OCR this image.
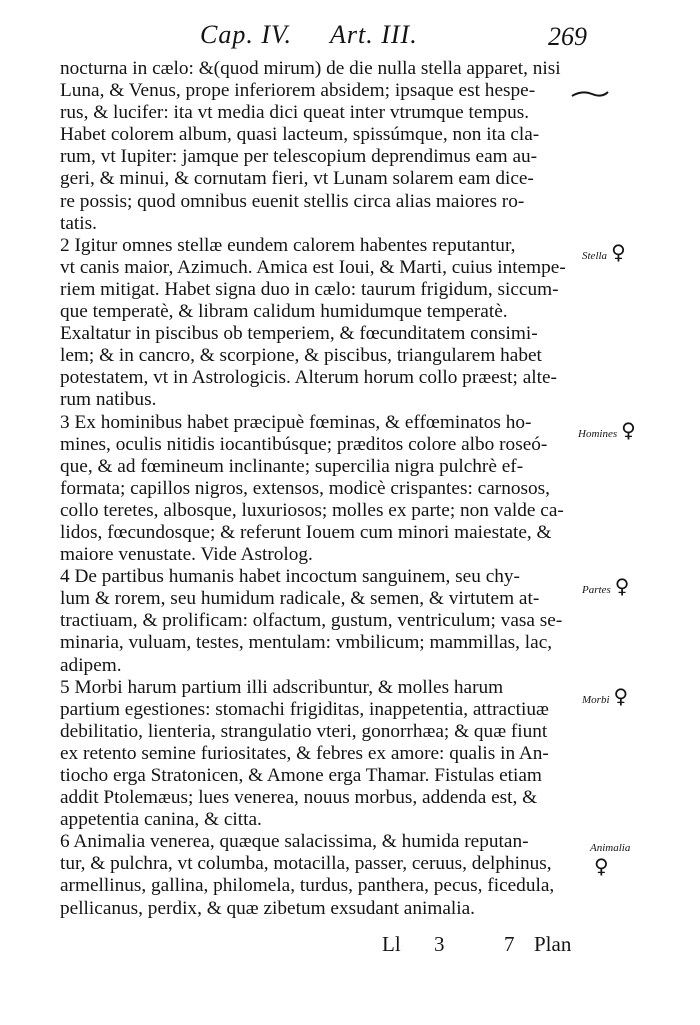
Cap. IV. Art. III.	269
nocturna in cælo: &(quod mirum) de die nulla stella apparet, nisi
Luna, & Venus, prope inferiorem absidem; ipsaque est hespe-
rus, & lucifer: ita vt media dici queat inter vtrumque tempus.
Habet colorem album, quasi lacteum, spissúmque, non ita cla-
rum, vt Iupiter: jamque per telescopium deprendimus eam au-
geri, & minui, & cornutam fieri, vt Lunam solarem eam dice-
re possis; quod omnibus euenit stellis circa alias maiores ro-
tatis.
2 Igitur omnes stellæ eundem calorem habentes reputantur,
vt canis maior, Azimuch. Amica est Ioui, & Marti, cuius intempe-
riem mitigat. Habet signa duo in cælo: taurum frigidum, siccum-
que temperatè, & libram calidum humidumque temperatè.
Exaltatur in piscibus ob temperiem, & fœcunditatem consimi-
lem; & in cancro, & scorpione, & piscibus, triangularem habet
potestatem, vt in Astrologicis. Alterum horum collo præest; alte-
rum natibus.
3 Ex hominibus habet præcipuè fœminas, & effœminatos ho-
mines, oculis nitidis iocantibúsque; præditos colore albo roseó-
que, & ad fœmineum inclinante; supercilia nigra pulchrè ef-
formata; capillos nigros, extensos, modicè crispantes: carnosos,
collo teretes, albosque, luxuriosos; molles ex parte; non valde ca-
lidos, fœcundosque; & referunt Iouem cum minori maiestate, &
maiore venustate. Vide Astrolog.
4 De partibus humanis habet incoctum sanguinem, seu chy-
lum & rorem, seu humidum radicale, & semen, & virtutem at-
tractiuam, & prolificam: olfactum, gustum, ventriculum; vasa se-
minaria, vuluam, testes, mentulam: vmbilicum; mammillas, lac,
adipem.
5 Morbi harum partium illi adscribuntur, & molles harum
partium egestiones: stomachi frigiditas, inappetentia, attractiuæ
debilitatio, lienteria, strangulatio vteri, gonorrhæa; & quæ fiunt
ex retento semine furiositates, & febres ex amore: qualis in An-
tiocho erga Stratonicen, & Amone erga Thamar. Fistulas etiam
addit Ptolemæus; lues venerea, nouus morbus, addenda est, &
appetentia canina, & citta.
6 Animalia venerea, quæque salacissima, & humida reputan-
tur, & pulchra, vt columba, motacilla, passer, ceruus, delphinus,
armellinus, gallina, philomela, turdus, panthera, pecus, ficedula,
pellicanus, perdix, & quæ zibetum exsudant animalia.
Stella ♀
Homines ♀
Partes ♀
Morbi ♀
Animalia
♀
Ll 3	7 Plan
